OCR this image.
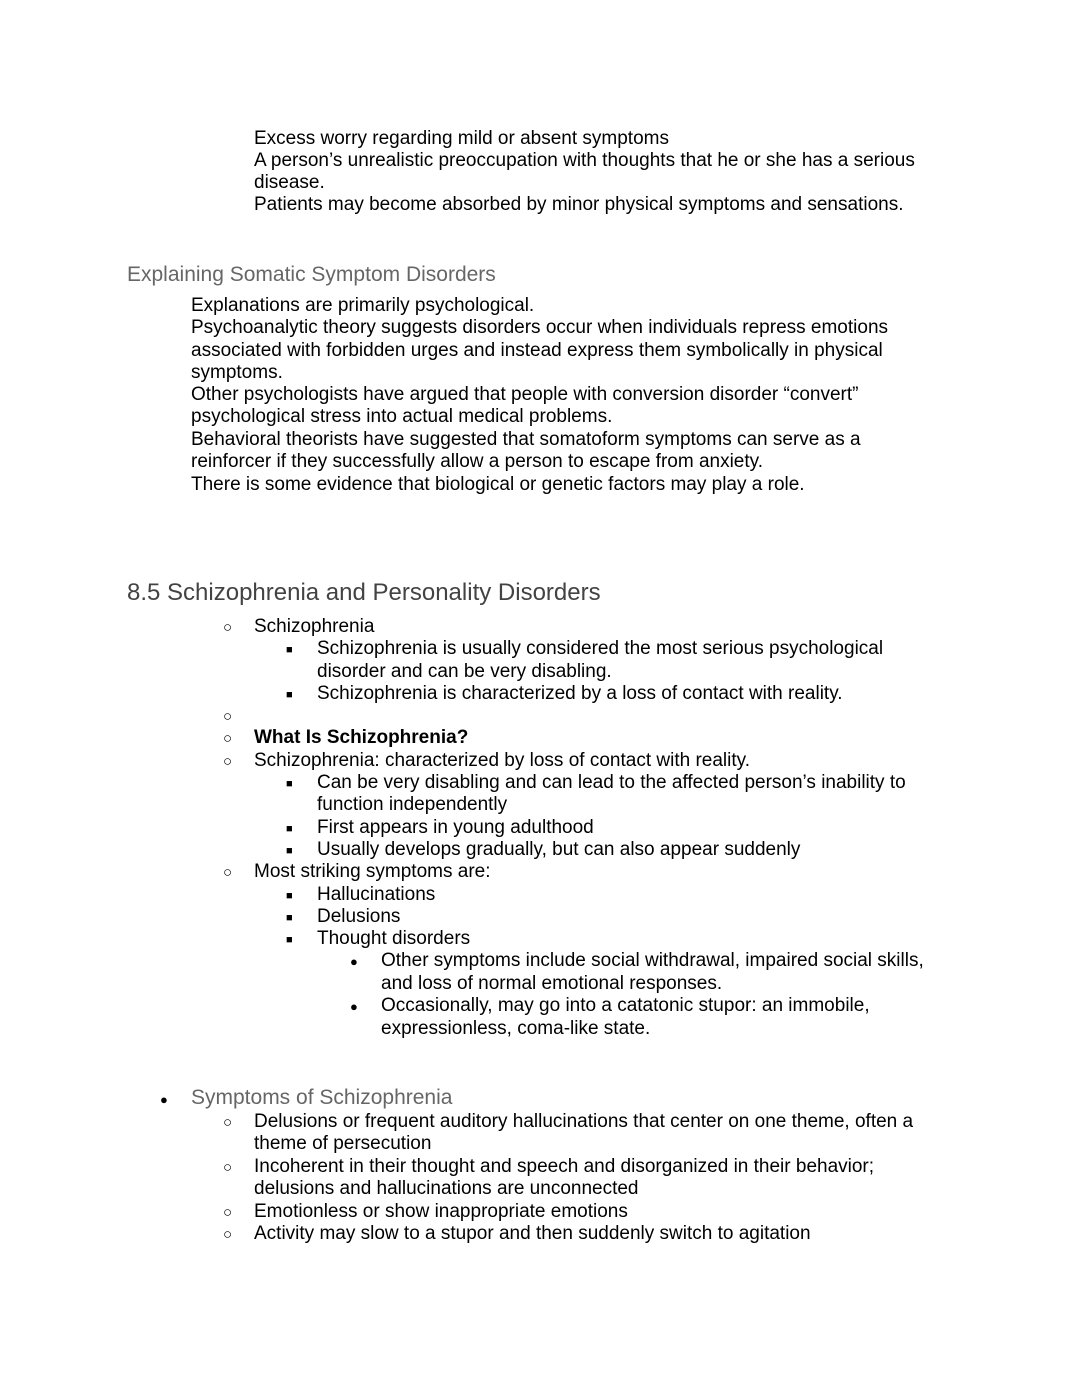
Excess worry regarding mild or absent symptoms
A person’s unrealistic preoccupation with thoughts that he or she has a serious
disease.
Patients may become absorbed by minor physical symptoms and sensations.
Explaining Somatic Symptom Disorders
Explanations are primarily psychological.
Psychoanalytic theory suggests disorders occur when individuals repress emotions
associated with forbidden urges and instead express them symbolically in physical
symptoms.
Other psychologists have argued that people with conversion disorder “convert”
psychological stress into actual medical problems.
Behavioral theorists have suggested that somatoform symptoms can serve as a
reinforcer if they successfully allow a person to escape from anxiety.
There is some evidence that biological or genetic factors may play a role.
8.5 Schizophrenia and Personality Disorders
○ Schizophrenia
■ Schizophrenia is usually considered the most serious psychological
disorder and can be very disabling.
■ Schizophrenia is characterized by a loss of contact with reality.
○
○ What Is Schizophrenia?
○ Schizophrenia: characterized by loss of contact with reality.
■ Can be very disabling and can lead to the affected person’s inability to
function independently
■ First appears in young adulthood
■ Usually develops gradually, but can also appear suddenly
○ Most striking symptoms are:
■ Hallucinations
■ Delusions
■ Thought disorders
● Other symptoms include social withdrawal, impaired social skills,
and loss of normal emotional responses.
● Occasionally, may go into a catatonic stupor: an immobile,
expressionless, coma-like state.
● Symptoms of Schizophrenia
○ Delusions or frequent auditory hallucinations that center on one theme, often a
theme of persecution
○ Incoherent in their thought and speech and disorganized in their behavior;
delusions and hallucinations are unconnected
○ Emotionless or show inappropriate emotions
○ Activity may slow to a stupor and then suddenly switch to agitation
